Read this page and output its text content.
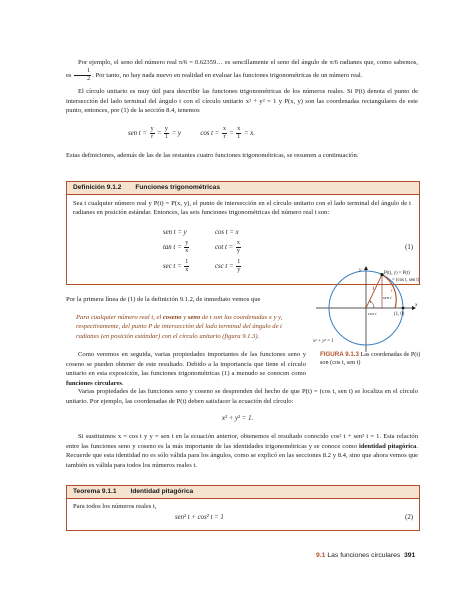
Por ejemplo, el seno del número real π/6 = 0.62359… es sencillamente el seno del ángulo de π/6 radianes que, como sabemos, es $\frac{1}{2}$ . Por tanto, no hay nada nuevo en realidad en evaluar las funciones trigonométricas de un número real.
El círculo unitario es muy útil para describir las funciones trigonométricas de los números reales. Si P(t) denota el punto de intersección del lado terminal del ángulo t con el círculo unitario x² + y² = 1 y P(x, y) son las coordenadas rectangulares de este punto, entonces, por (1) de la sección 8.4, tenemos
sen $t = \frac{y}{r} = \frac{y}{1} = y$	$\cos t = \frac{x}{r} = \frac{x}{1} = x$.
Estas definiciones, además de las de las restantes cuatro funciones trigonométricas, se resumen a continuación.
Definición 9.1.2 Funciones trigonométricas
Sea t cualquier número real y P(t) = P(x, y), el punto de intersección en el círculo unitario con el lado terminal del ángulo de t radianes en posición estándar. Entonces, las seis funciones trigonométricas del número real t son:
sen t = y	cos t = x
$\tan t = \frac{y}{x}$	$\cot t = \frac{x}{y}$
$\sec t = \frac{1}{x}$	$\csc t = \frac{1}{y}$
(1)
Por la primera línea de (1) de la definición 9.1.2, de inmediato vemos que
Para cualquier número real t, el coseno y seno de t son las coordenadas x y y, respectivamente, del punto P de intersección del lado terminal del ángulo de t radianes (en posición estándar) con el círculo unitario (figura 9.1.3).
y
x
P(t), y) = P(t)
= (cos t, sen t)
t
1
t
sen t
cos t	(1, 0)
x² + y² = 1
FIGURA 9.1.3 Las coordenadas de P(t) son (cos t, sen t)
Como veremos en seguida, varias propiedades importantes de las funciones seno y coseno se pueden obtener de este resultado. Debido a la importancia que tiene el círculo unitario en esta exposición, las funciones trigonométricas (1) a menudo se conocen como funciones circulares.
Varias propiedades de las funciones seno y coseno se desprenden del hecho de que P(t) = (cos t, sen t) se localiza en el círculo unitario. Por ejemplo, las coordenadas de P(t) deben satisfacer la ecuación del círculo:
x² + y² = 1.
Si sustituimos x = cos t y y = sen t en la ecuación anterior, obtenemos el resultado conocido cos² t + sen² t = 1. Esta relación entre las funciones seno y coseno es la más importante de las identidades trigonométricas y se conoce como identidad pitagórica. Recuerde que esta identidad no es sólo válida para los ángulos, como se explicó en las secciones 8.2 y 8.4, sino que ahora vemos que también es válida para todos los números reales t.
Teorema 9.1.1 Identidad pitagórica
Para todos los números reales t,
sen² t + cos² t = 1	(2)
9.1 Las funciones circulares 391
